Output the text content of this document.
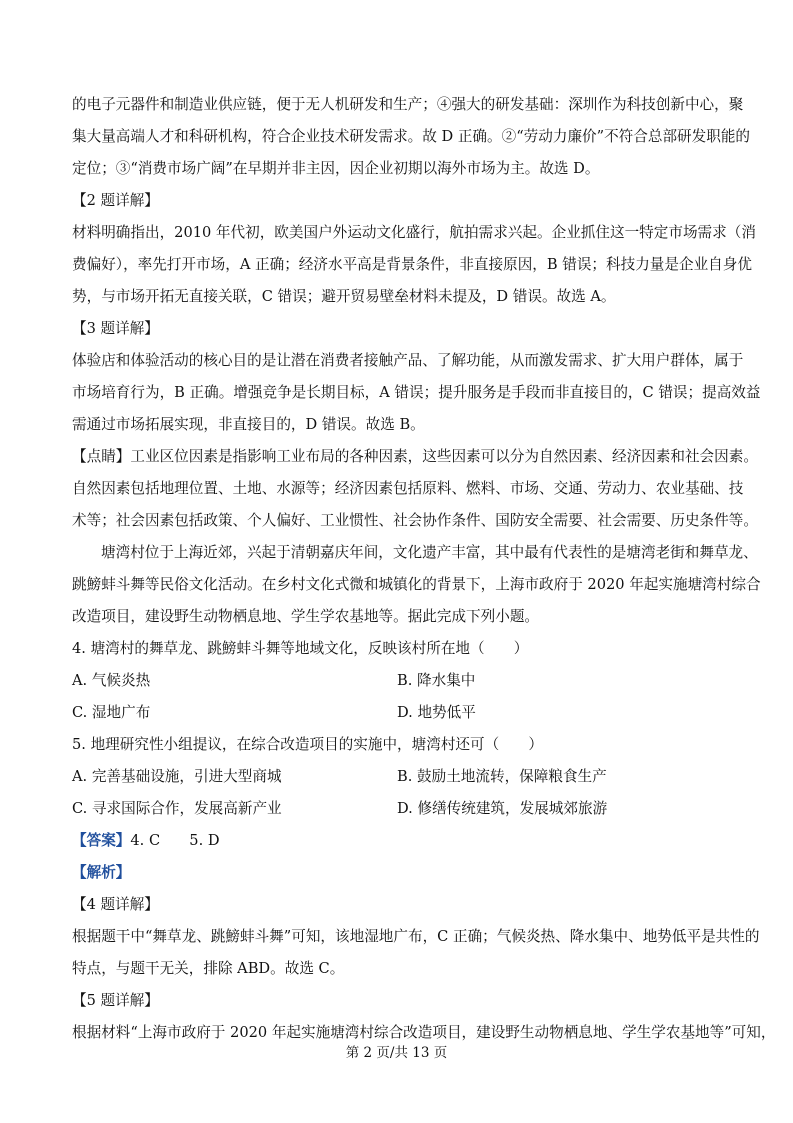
的电子元器件和制造业供应链，便于无人机研发和生产；④强大的研发基础：深圳作为科技创新中心，聚
集大量高端人才和科研机构，符合企业技术研发需求。故 D 正确。②“劳动力廉价”不符合总部研发职能的
定位；③“消费市场广阔”在早期并非主因，因企业初期以海外市场为主。故选 D。
【2 题详解】
材料明确指出，2010 年代初，欧美国户外运动文化盛行，航拍需求兴起。企业抓住这一特定市场需求（消
费偏好），率先打开市场，A 正确；经济水平高是背景条件，非直接原因，B 错误；科技力量是企业自身优
势，与市场开拓无直接关联，C 错误；避开贸易壁垒材料未提及，D 错误。故选 A。
【3 题详解】
体验店和体验活动的核心目的是让潜在消费者接触产品、了解功能，从而激发需求、扩大用户群体，属于
市场培育行为，B 正确。增强竞争是长期目标，A 错误；提升服务是手段而非直接目的，C 错误；提高效益
需通过市场拓展实现，非直接目的，D 错误。故选 B。
【点睛】工业区位因素是指影响工业布局的各种因素，这些因素可以分为自然因素、经济因素和社会因素。
自然因素包括地理位置、土地、水源等；经济因素包括原料、燃料、市场、交通、劳动力、农业基础、技
术等；社会因素包括政策、个人偏好、工业惯性、社会协作条件、国防安全需要、社会需要、历史条件等。
塘湾村位于上海近郊，兴起于清朝嘉庆年间，文化遗产丰富，其中最有代表性的是塘湾老街和舞草龙、
跳鰟蚌斗舞等民俗文化活动。在乡村文化式微和城镇化的背景下，上海市政府于 2020 年起实施塘湾村综合
改造项目，建设野生动物栖息地、学生学农基地等。据此完成下列小题。
4. 塘湾村的舞草龙、跳鰟蚌斗舞等地域文化，反映该村所在地（　　）
A. 气候炎热	B. 降水集中
C. 湿地广布	D. 地势低平
5. 地理研究性小组提议，在综合改造项目的实施中，塘湾村还可（　　）
A. 完善基础设施，引进大型商城	B. 鼓励土地流转，保障粮食生产
C. 寻求国际合作，发展高新产业	D. 修缮传统建筑，发展城郊旅游
【答案】4. C　　5. D
【解析】
【4 题详解】
根据题干中“舞草龙、跳鰟蚌斗舞”可知，该地湿地广布，C 正确；气候炎热、降水集中、地势低平是共性的
特点，与题干无关，排除 ABD。故选 C。
【5 题详解】
根据材料“上海市政府于 2020 年起实施塘湾村综合改造项目，建设野生动物栖息地、学生学农基地等”可知，
第 2 页/共 13 页
